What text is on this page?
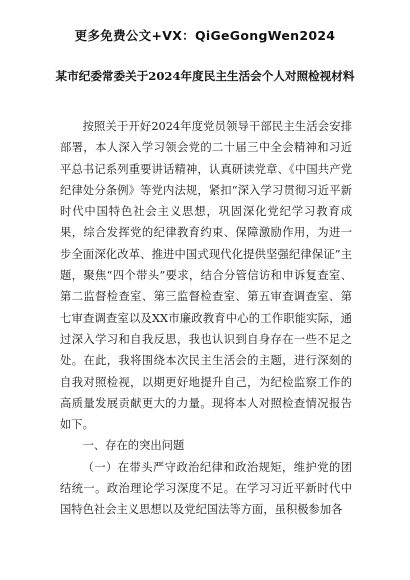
更多免费公文+VX：QiGeGongWen2024
某市纪委常委关于2024年度民主生活会个人对照检视材料

按照关于开好2024年度党员领导干部民主生活会安排部署，本人深入学习领会党的二十届三中全会精神和习近平总书记系列重要讲话精神，认真研读党章、《中国共产党纪律处分条例》等党内法规，紧扣“深入学习贯彻习近平新时代中国特色社会主义思想，巩固深化党纪学习教育成果，综合发挥党的纪律教育约束、保障激励作用，为进一步全面深化改革、推进中国式现代化提供坚强纪律保证”主题，聚焦“四个带头”要求，结合分管信访和申诉复查室、第二监督检查室、第三监督检查室、第五审查调查室、第七审查调查室以及XX市廉政教育中心的工作职能实际，通过深入学习和自我反思，我也认识到自身存在一些不足之处。在此，我将围绕本次民主生活会的主题，进行深刻的自我对照检视，以期更好地提升自己，为纪检监察工作的高质量发展贡献更大的力量。现将本人对照检查情况报告如下。

一、存在的突出问题

（一）在带头严守政治纪律和政治规矩，维护党的团结统一。政治理论学习深度不足。在学习习近平新时代中国特色社会主义思想以及党纪国法等方面，虽积极参加各
